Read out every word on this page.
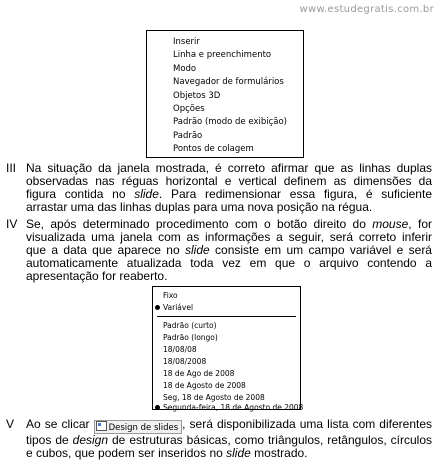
www.estudegratis.com.br
Inserir
Linha e preenchimento
Modo
Navegador de formulários
Objetos 3D
Opções
Padrão (modo de exibição)
Padrão
Pontos de colagem
III Na situação da janela mostrada, é correto afirmar que as linhas duplas
observadas nas réguas horizontal e vertical definem as dimensões da
figura contida no slide. Para redimensionar essa figura, é suficiente
arrastar uma das linhas duplas para uma nova posição na régua.
IV Se, após determinado procedimento com o botão direito do mouse, for
visualizada uma janela com as informações a seguir, será correto inferir
que a data que aparece no slide consiste em um campo variável e será
automaticamente atualizada toda vez em que o arquivo contendo a
apresentação for reaberto.
Fixo
Variável
Padrão (curto)
Padrão (longo)
18/08/08
18/08/2008
18 de Ago de 2008
18 de Agosto de 2008
Seg, 18 de Agosto de 2008
Segunda-feira, 18 de Agosto de 2008
V Ao se clicar Design de slides , será disponibilizada uma lista com diferentes
tipos de design de estruturas básicas, como triângulos, retângulos, círculos
e cubos, que podem ser inseridos no slide mostrado.
